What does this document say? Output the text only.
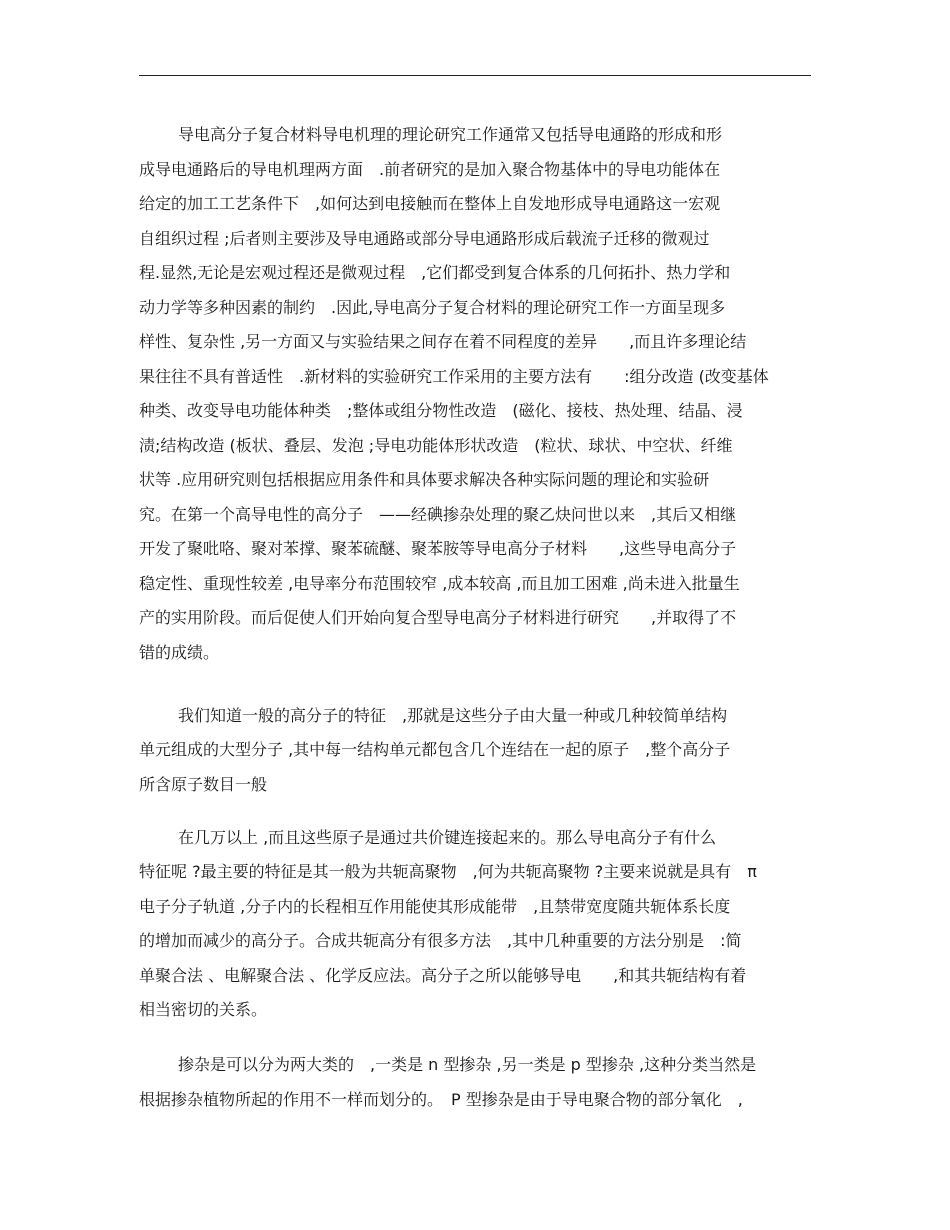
导电高分子复合材料导电机理的理论研究工作通常又包括导电通路的形成和形
成导电通路后的导电机理两方面　.前者研究的是加入聚合物基体中的导电功能体在
给定的加工工艺条件下　,如何达到电接触而在整体上自发地形成导电通路这一宏观
自组织过程 ;后者则主要涉及导电通路或部分导电通路形成后载流子迁移的微观过
程.显然,无论是宏观过程还是微观过程　,它们都受到复合体系的几何拓扑、热力学和
动力学等多种因素的制约　.因此,导电高分子复合材料的理论研究工作一方面呈现多
样性、复杂性 ,另一方面又与实验结果之间存在着不同程度的差异　　,而且许多理论结
果往往不具有普适性　.新材料的实验研究工作采用的主要方法有　　:组分改造 (改变基体
种类、改变导电功能体种类　;整体或组分物性改造　(磁化、接枝、热处理、结晶、浸
渍;结构改造 (板状、叠层、发泡 ;导电功能体形状改造　(粒状、球状、中空状、纤维
状等 .应用研究则包括根据应用条件和具体要求解决各种实际问题的理论和实验研
究。在第一个高导电性的高分子　——经碘掺杂处理的聚乙炔问世以来　,其后又相继
开发了聚吡咯、聚对苯撑、聚苯硫醚、聚苯胺等导电高分子材料　　,这些导电高分子
稳定性、重现性较差 ,电导率分布范围较窄 ,成本较高 ,而且加工困难 ,尚未进入批量生
产的实用阶段。而后促使人们开始向复合型导电高分子材料进行研究　　,并取得了不
错的成绩。
我们知道一般的高分子的特征　,那就是这些分子由大量一种或几种较简单结构
单元组成的大型分子 ,其中每一结构单元都包含几个连结在一起的原子　,整个高分子
所含原子数目一般
在几万以上 ,而且这些原子是通过共价键连接起来的。那么导电高分子有什么
特征呢 ?最主要的特征是其一般为共轭高聚物　,何为共轭高聚物 ?主要来说就是具有　π
电子分子轨道 ,分子内的长程相互作用能使其形成能带　,且禁带宽度随共轭体系长度
的增加而减少的高分子。合成共轭高分有很多方法　,其中几种重要的方法分别是　:简
单聚合法 、电解聚合法 、化学反应法。高分子之所以能够导电　　,和其共轭结构有着
相当密切的关系。
掺杂是可以分为两大类的　,一类是 n 型掺杂 ,另一类是 p 型掺杂 ,这种分类当然是
根据掺杂植物所起的作用不一样而划分的。　P 型掺杂是由于导电聚合物的部分氧化　,
